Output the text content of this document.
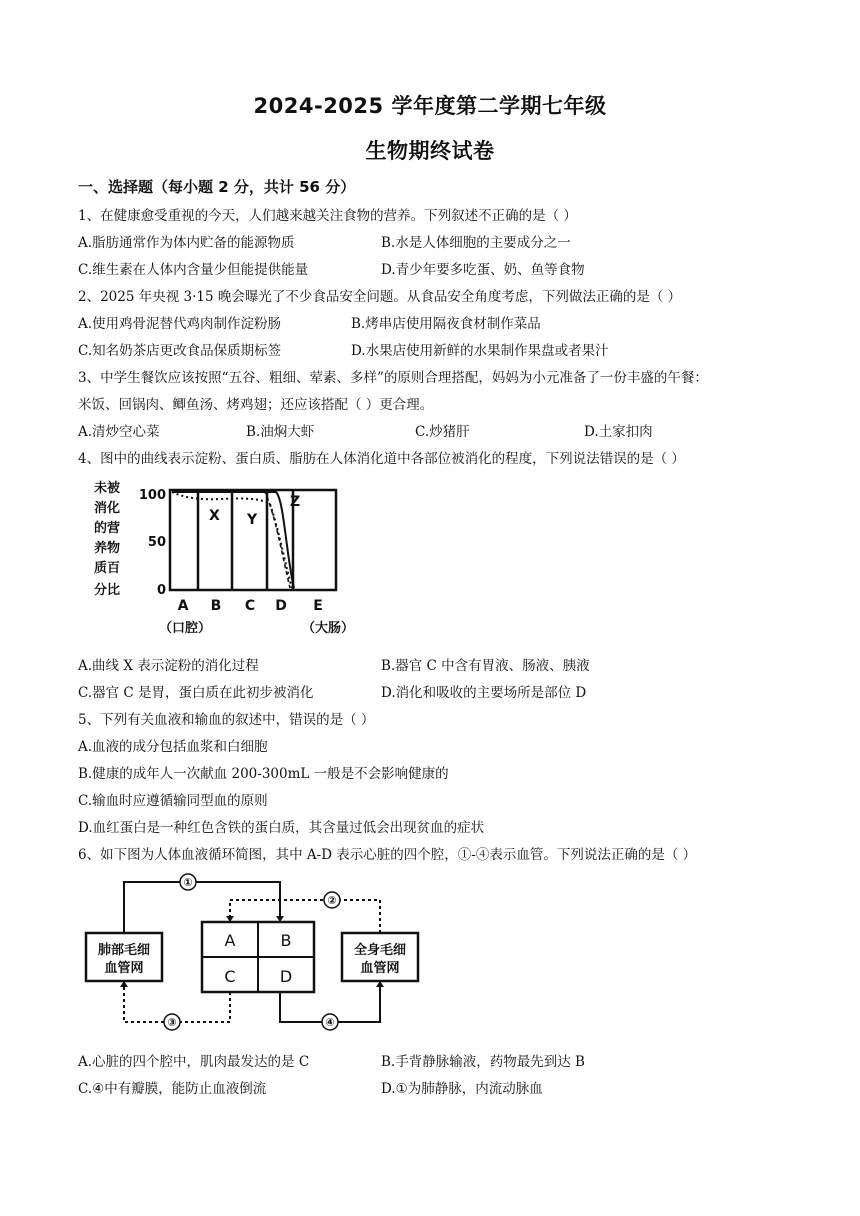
2024-2025 学年度第二学期七年级
生物期终试卷
一、选择题（每小题 2 分，共计 56 分）
1、在健康愈受重视的今天，人们越来越关注食物的营养。下列叙述不正确的是（ ）
A.脂肪通常作为体内贮备的能源物质	B.水是人体细胞的主要成分之一
C.维生素在人体内含量少但能提供能量	D.青少年要多吃蛋、奶、鱼等食物
2、2025 年央视 3·15 晚会曝光了不少食品安全问题。从食品安全角度考虑，下列做法正确的是（ ）
A.使用鸡骨泥替代鸡肉制作淀粉肠	B.烤串店使用隔夜食材制作菜品
C.知名奶茶店更改食品保质期标签	D.水果店使用新鲜的水果制作果盘或者果汁
3、中学生餐饮应该按照“五谷、粗细、荤素、多样”的原则合理搭配，妈妈为小元准备了一份丰盛的午餐：
米饭、回锅肉、鲫鱼汤、烤鸡翅；还应该搭配（ ）更合理。
A.清炒空心菜	B.油焖大虾	C.炒猪肝	D.土家扣肉
4、图中的曲线表示淀粉、蛋白质、脂肪在人体消化道中各部位被消化的程度，下列说法错误的是（ ）
未被
消化
的营
养物
质百
分比
100
50
0
X Y
Z
A B C D E
（口腔）	（大肠）
A.曲线 X 表示淀粉的消化过程	B.器官 C 中含有胃液、肠液、胰液
C.器官 C 是胃，蛋白质在此初步被消化	D.消化和吸收的主要场所是部位 D
5、下列有关血液和输血的叙述中，错误的是（ ）
A.血液的成分包括血浆和白细胞
B.健康的成年人一次献血 200-300mL 一般是不会影响健康的
C.输血时应遵循输同型血的原则
D.血红蛋白是一种红色含铁的蛋白质，其含量过低会出现贫血的症状
6、如下图为人体血液循环简图，其中 A-D 表示心脏的四个腔，①-④表示血管。下列说法正确的是（ ）
①
②
③	④
A	B
C	D
肺部毛细
血管网
全身毛细
血管网
A.心脏的四个腔中，肌肉最发达的是 C	B.手背静脉输液，药物最先到达 B
C.④中有瓣膜，能防止血液倒流	D.①为肺静脉，内流动脉血
